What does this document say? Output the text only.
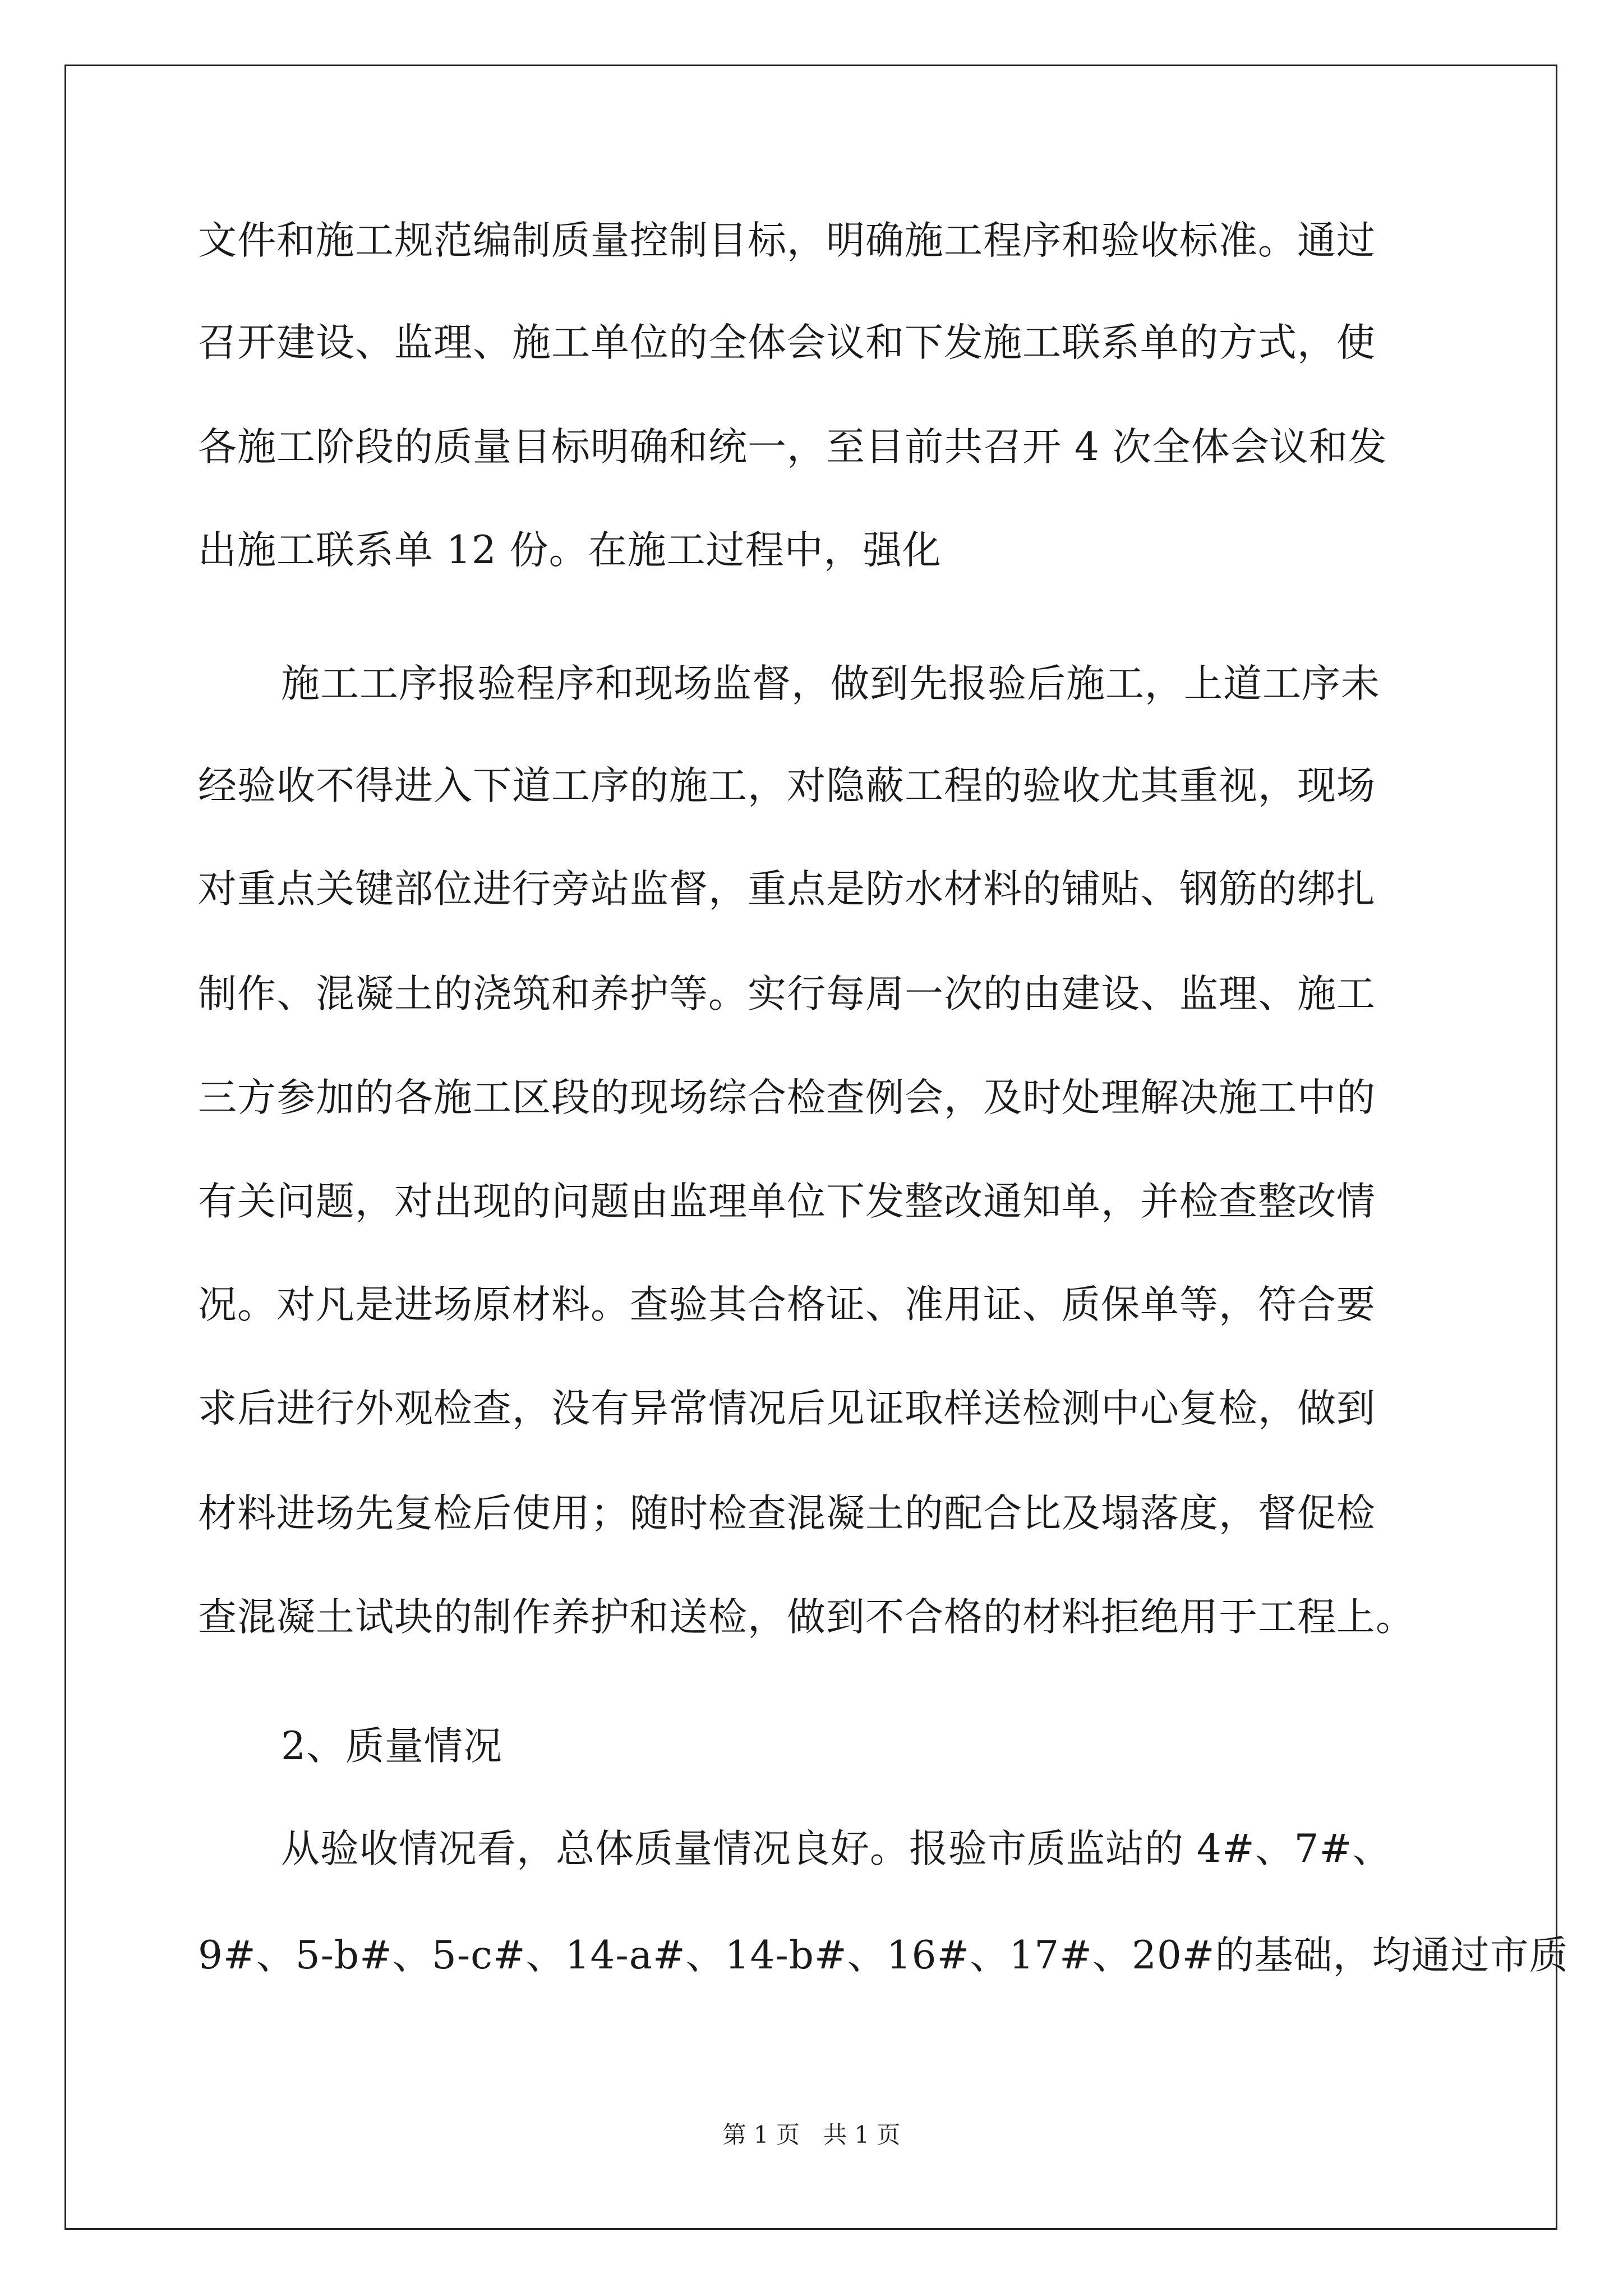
文件和施工规范编制质量控制目标，明确施工程序和验收标准。通过
召开建设、监理、施工单位的全体会议和下发施工联系单的方式，使
各施工阶段的质量目标明确和统一，至目前共召开 4 次全体会议和发
出施工联系单 12 份。在施工过程中，强化
施工工序报验程序和现场监督，做到先报验后施工，上道工序未
经验收不得进入下道工序的施工，对隐蔽工程的验收尤其重视，现场
对重点关键部位进行旁站监督，重点是防水材料的铺贴、钢筋的绑扎
制作、混凝土的浇筑和养护等。实行每周一次的由建设、监理、施工
三方参加的各施工区段的现场综合检查例会，及时处理解决施工中的
有关问题，对出现的问题由监理单位下发整改通知单，并检查整改情
况。对凡是进场原材料。查验其合格证、准用证、质保单等，符合要
求后进行外观检查，没有异常情况后见证取样送检测中心复检，做到
材料进场先复检后使用；随时检查混凝土的配合比及塌落度，督促检
查混凝土试块的制作养护和送检，做到不合格的材料拒绝用于工程上。
2、质量情况
从验收情况看，总体质量情况良好。报验市质监站的 4#、7#、
9#、5-b#、5-c#、14-a#、14-b#、16#、17#、20#的基础，均通过市质
第 1 页　共 1 页
